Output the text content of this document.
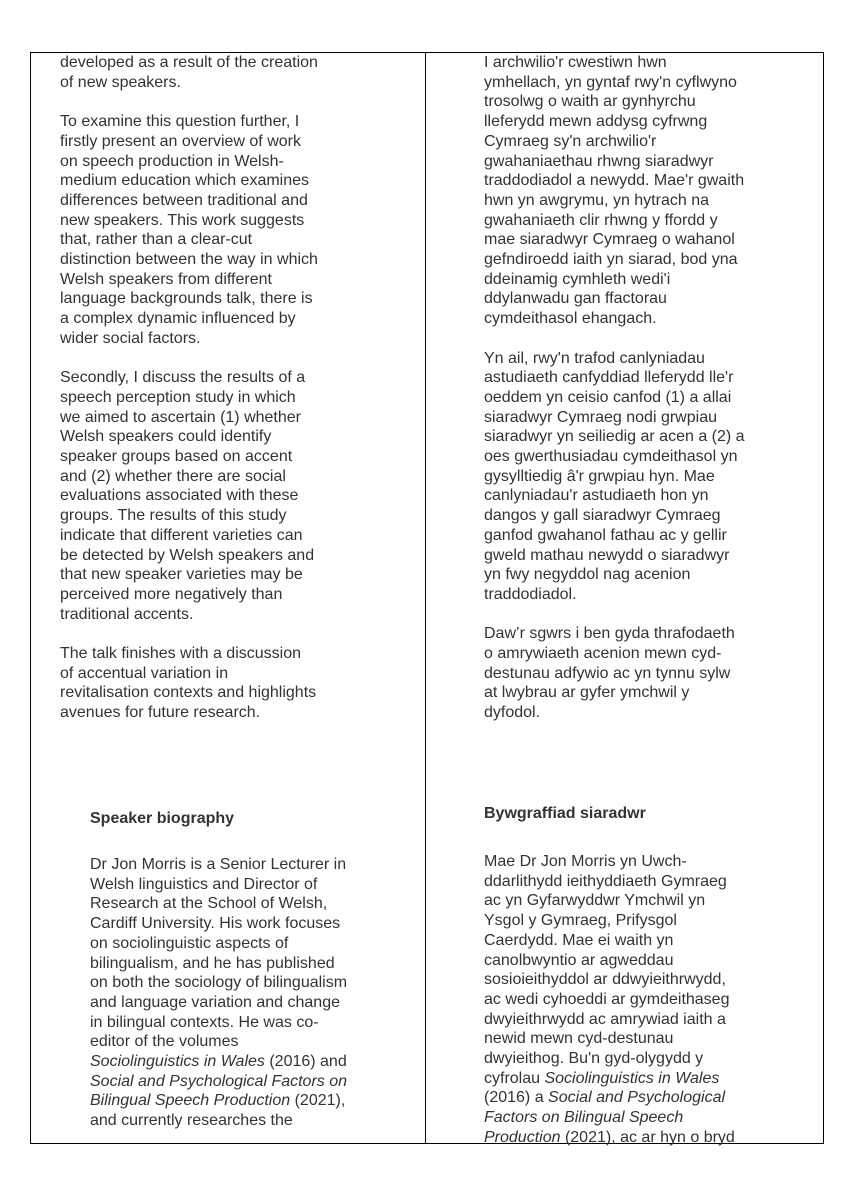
developed as a result of the creation
of new speakers.

To examine this question further, I
firstly present an overview of work
on speech production in Welsh-
medium education which examines
differences between traditional and
new speakers. This work suggests
that, rather than a clear-cut
distinction between the way in which
Welsh speakers from different
language backgrounds talk, there is
a complex dynamic influenced by
wider social factors.

Secondly, I discuss the results of a
speech perception study in which
we aimed to ascertain (1) whether
Welsh speakers could identify
speaker groups based on accent
and (2) whether there are social
evaluations associated with these
groups. The results of this study
indicate that different varieties can
be detected by Welsh speakers and
that new speaker varieties may be
perceived more negatively than
traditional accents.

The talk finishes with a discussion
of accentual variation in
revitalisation contexts and highlights
avenues for future research.

Speaker biography
Dr Jon Morris is a Senior Lecturer in
Welsh linguistics and Director of
Research at the School of Welsh,
Cardiff University. His work focuses
on sociolinguistic aspects of
bilingualism, and he has published
on both the sociology of bilingualism
and language variation and change
in bilingual contexts. He was co-
editor of the volumes
Sociolinguistics in Wales (2016) and
Social and Psychological Factors on
Bilingual Speech Production (2021),
and currently researches the

I archwilio'r cwestiwn hwn
ymhellach, yn gyntaf rwy'n cyflwyno
trosolwg o waith ar gynhyrchu
lleferydd mewn addysg cyfrwng
Cymraeg sy'n archwilio'r
gwahaniaethau rhwng siaradwyr
traddodiadol a newydd. Mae'r gwaith
hwn yn awgrymu, yn hytrach na
gwahaniaeth clir rhwng y ffordd y
mae siaradwyr Cymraeg o wahanol
gefndiroedd iaith yn siarad, bod yna
ddeinamig cymhleth wedi'i
ddylanwadu gan ffactorau
cymdeithasol ehangach.

Yn ail, rwy'n trafod canlyniadau
astudiaeth canfyddiad lleferydd lle'r
oeddem yn ceisio canfod (1) a allai
siaradwyr Cymraeg nodi grwpiau
siaradwyr yn seiliedig ar acen a (2) a
oes gwerthusiadau cymdeithasol yn
gysylltiedig â'r grwpiau hyn. Mae
canlyniadau'r astudiaeth hon yn
dangos y gall siaradwyr Cymraeg
ganfod gwahanol fathau ac y gellir
gweld mathau newydd o siaradwyr
yn fwy negyddol nag acenion
traddodiadol.

Daw’r sgwrs i ben gyda thrafodaeth
o amrywiaeth acenion mewn cyd-
destunau adfywio ac yn tynnu sylw
at lwybrau ar gyfer ymchwil y
dyfodol.

Bywgraffiad siaradwr
Mae Dr Jon Morris yn Uwch-
ddarlithydd ieithyddiaeth Gymraeg
ac yn Gyfarwyddwr Ymchwil yn
Ysgol y Gymraeg, Prifysgol
Caerdydd. Mae ei waith yn
canolbwyntio ar agweddau
sosioieithyddol ar ddwyieithrwydd,
ac wedi cyhoeddi ar gymdeithaseg
dwyieithrwydd ac amrywiad iaith a
newid mewn cyd-destunau
dwyieithog. Bu'n gyd-olygydd y
cyfrolau Sociolinguistics in Wales
(2016) a Social and Psychological
Factors on Bilingual Speech
Production (2021), ac ar hyn o bryd
